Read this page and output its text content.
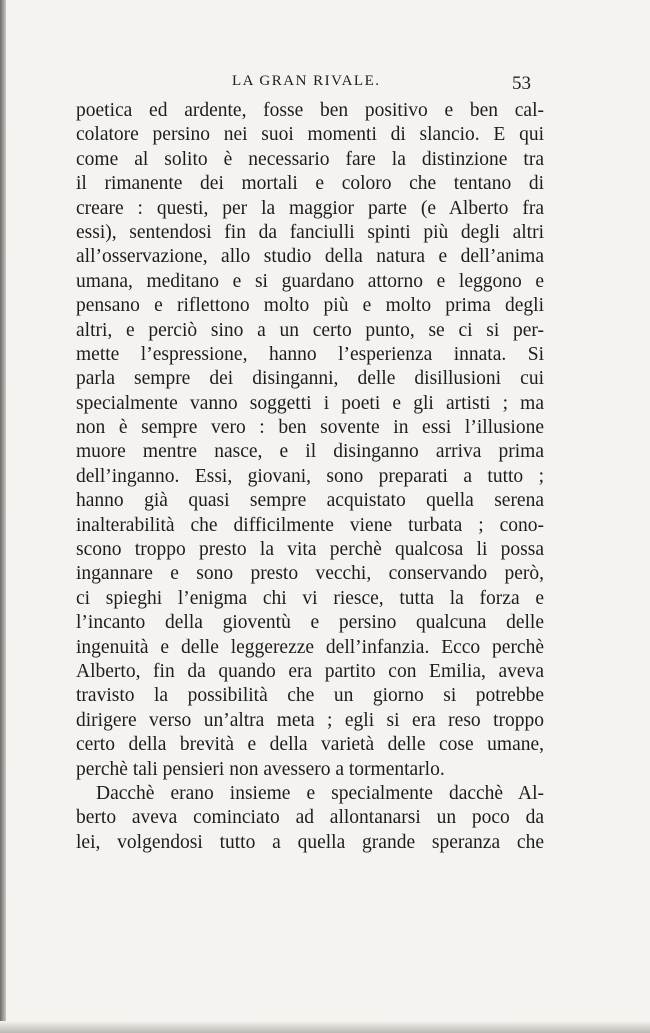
LA GRAN RIVALE.	53
poetica ed ardente, fosse ben positivo e ben cal-
colatore persino nei suoi momenti di slancio. E qui
come al solito è necessario fare la distinzione tra
il rimanente dei mortali e coloro che tentano di
creare : questi, per la maggior parte (e Alberto fra
essi), sentendosi fin da fanciulli spinti più degli altri
all’osservazione, allo studio della natura e dell’anima
umana, meditano e si guardano attorno e leggono e
pensano e riflettono molto più e molto prima degli
altri, e perciò sino a un certo punto, se ci si per-
mette l’espressione, hanno l’esperienza innata. Si
parla sempre dei disinganni, delle disillusioni cui
specialmente vanno soggetti i poeti e gli artisti ; ma
non è sempre vero : ben sovente in essi l’illusione
muore mentre nasce, e il disinganno arriva prima
dell’inganno. Essi, giovani, sono preparati a tutto ;
hanno già quasi sempre acquistato quella serena
inalterabilità che difficilmente viene turbata ; cono-
scono troppo presto la vita perchè qualcosa li possa
ingannare e sono presto vecchi, conservando però,
ci spieghi l’enigma chi vi riesce, tutta la forza e
l’incanto della gioventù e persino qualcuna delle
ingenuità e delle leggerezze dell’infanzia. Ecco perchè
Alberto, fin da quando era partito con Emilia, aveva
travisto la possibilità che un giorno si potrebbe
dirigere verso un’altra meta ; egli si era reso troppo
certo della brevità e della varietà delle cose umane,
perchè tali pensieri non avessero a tormentarlo.
Dacchè erano insieme e specialmente dacchè Al-
berto aveva cominciato ad allontanarsi un poco da
lei, volgendosi tutto a quella grande speranza che
